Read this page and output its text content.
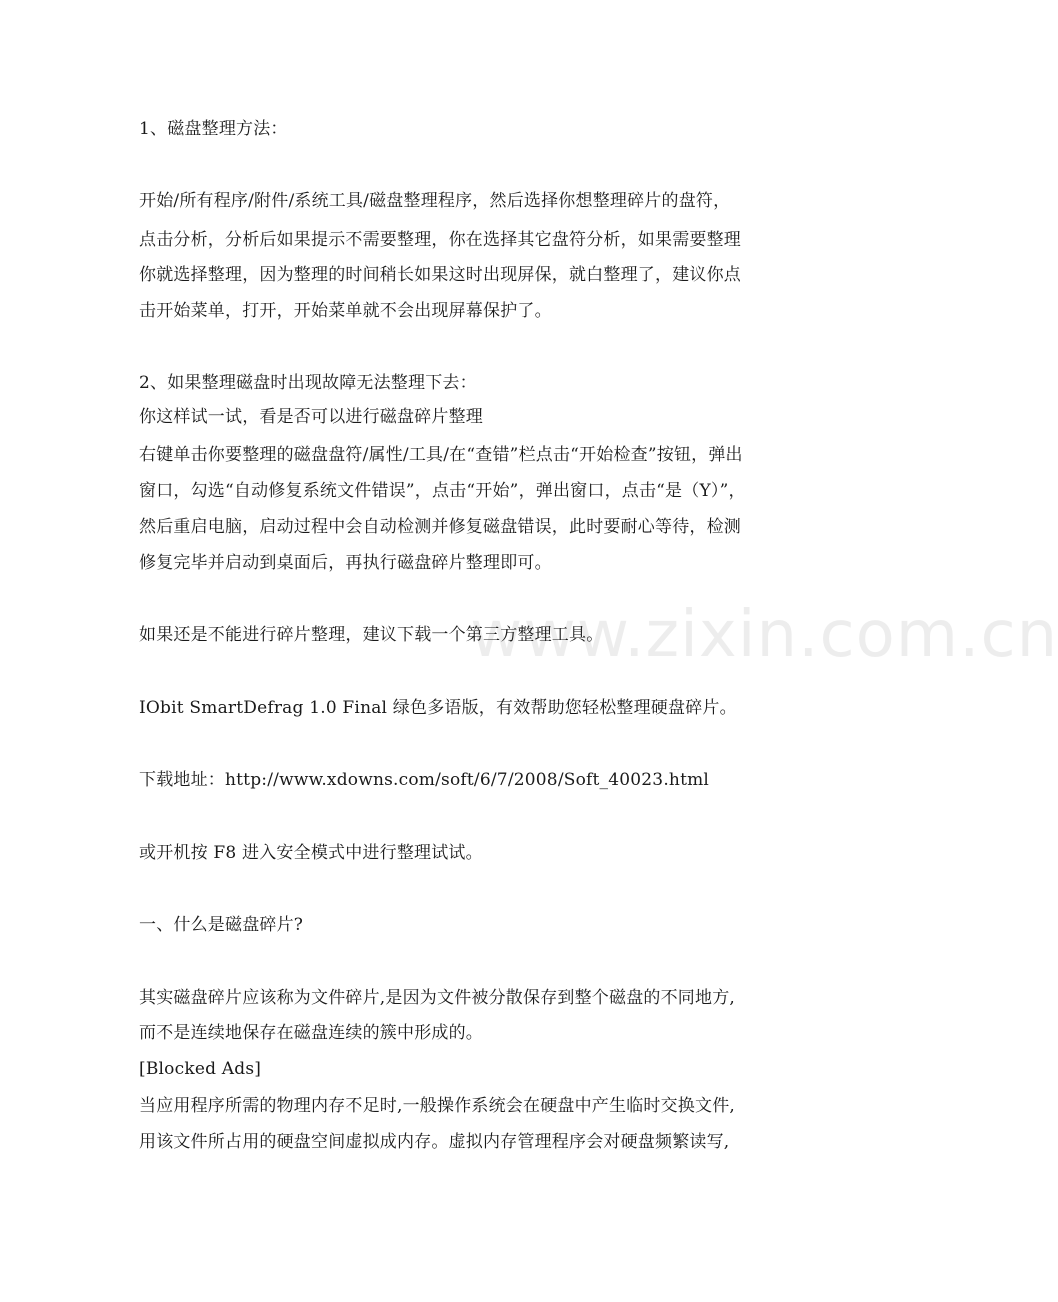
www.zixin.com.cn
1、磁盘整理方法：
开始/所有程序/附件/系统工具/磁盘整理程序，然后选择你想整理碎片的盘符，
点击分析，分析后如果提示不需要整理，你在选择其它盘符分析，如果需要整理
你就选择整理，因为整理的时间稍长如果这时出现屏保，就白整理了，建议你点
击开始菜单，打开，开始菜单就不会出现屏幕保护了。
2、如果整理磁盘时出现故障无法整理下去：
你这样试一试，看是否可以进行磁盘碎片整理
右键单击你要整理的磁盘盘符/属性/工具/在“查错”栏点击“开始检查”按钮，弹出
窗口，勾选“自动修复系统文件错误”，点击“开始”，弹出窗口，点击“是（Y）”，
然后重启电脑，启动过程中会自动检测并修复磁盘错误，此时要耐心等待，检测
修复完毕并启动到桌面后，再执行磁盘碎片整理即可。
如果还是不能进行碎片整理，建议下载一个第三方整理工具。
IObit SmartDefrag 1.0 Final 绿色多语版，有效帮助您轻松整理硬盘碎片。
下载地址：http://www.xdowns.com/soft/6/7/2008/Soft_40023.html
或开机按 F8 进入安全模式中进行整理试试。
一、什么是磁盘碎片?
其实磁盘碎片应该称为文件碎片,是因为文件被分散保存到整个磁盘的不同地方,
而不是连续地保存在磁盘连续的簇中形成的。
[Blocked Ads]
当应用程序所需的物理内存不足时,一般操作系统会在硬盘中产生临时交换文件,
用该文件所占用的硬盘空间虚拟成内存。虚拟内存管理程序会对硬盘频繁读写,
